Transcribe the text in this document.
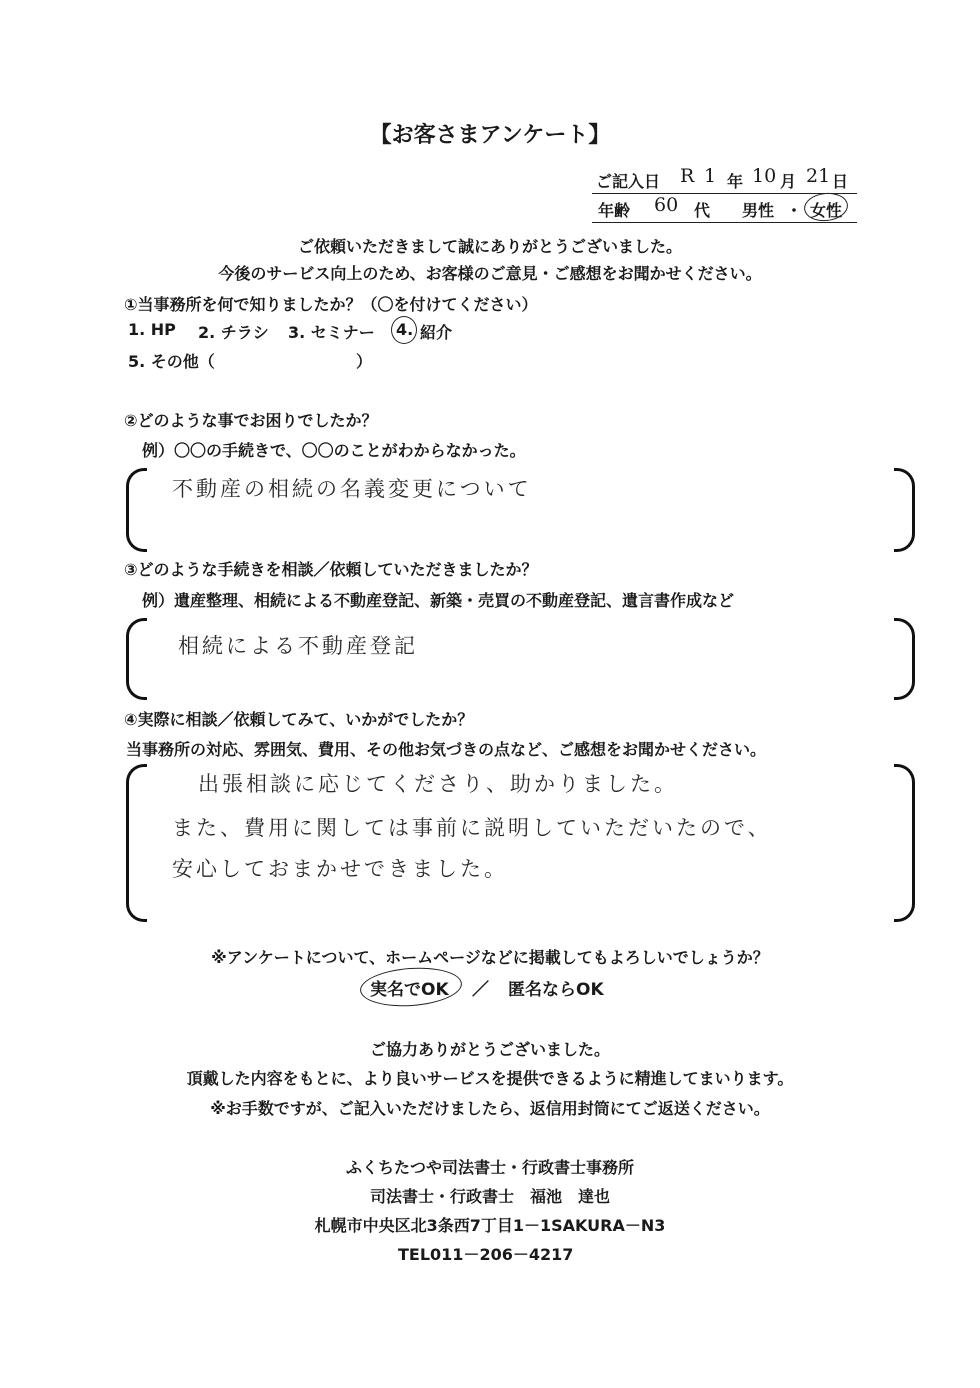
【お客さまアンケート】
ご記入日 R 1 年 10 月 21 日
年齢 60 代 男性 ・ 女性
ご依頼いただきまして誠にありがとうございました。
今後のサービス向上のため、お客様のご意見・ご感想をお聞かせください。
①当事務所を何で知りましたか？（〇を付けてください）
1. HP 2. チラシ 3. セミナー 4. 紹介
5. その他（	）
②どのような事でお困りでしたか？
例）〇〇の手続きで、〇〇のことがわからなかった。
不動産の相続の名義変更について
③どのような手続きを相談／依頼していただきましたか？
例）遺産整理、相続による不動産登記、新築・売買の不動産登記、遺言書作成など
相続による不動産登記
④実際に相談／依頼してみて、いかがでしたか？
当事務所の対応、雰囲気、費用、その他お気づきの点など、ご感想をお聞かせください。
出張相談に応じてくださり、助かりました。
また、費用に関しては事前に説明していただいたので、
安心しておまかせできました。
※アンケートについて、ホームページなどに掲載してもよろしいでしょうか？
実名でOK ／ 匿名ならOK
ご協力ありがとうございました。
頂戴した内容をもとに、より良いサービスを提供できるように精進してまいります。
※お手数ですが、ご記入いただけましたら、返信用封筒にてご返送ください。
ふくちたつや司法書士・行政書士事務所
司法書士・行政書士　福池　達也
札幌市中央区北3条西7丁目1－1SAKURA－N3
TEL011－206－4217
